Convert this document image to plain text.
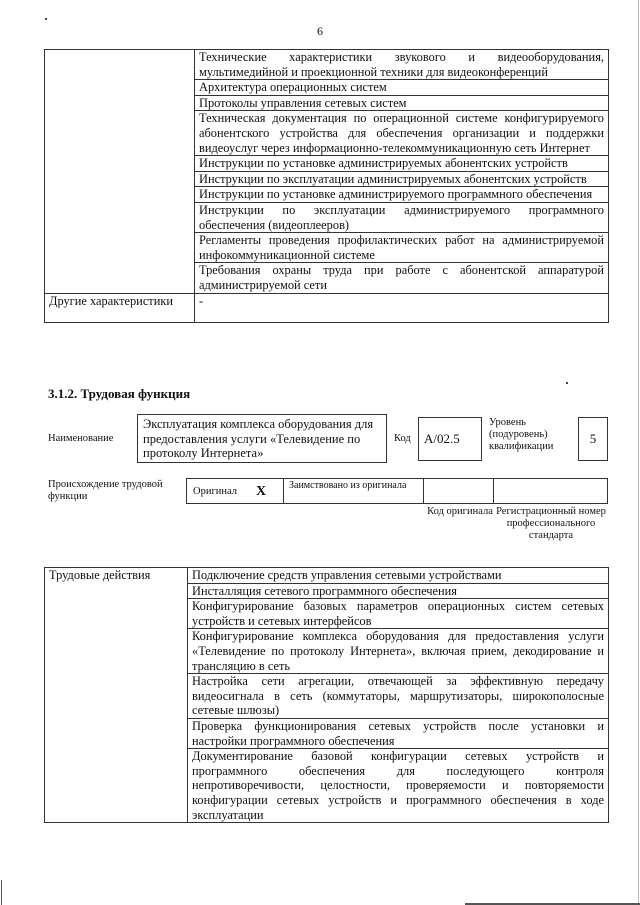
6
	Технические характеристики звукового и видеооборудования, мультимедийной и проекционной техники для видеоконференций
	Архитектура операционных систем
	Протоколы управления сетевых систем
	Техническая документация по операционной системе конфигурируемого абонентского устройства для обеспечения организации и поддержки видеоуслуг через информационно-телекоммуникационную сеть Интернет
	Инструкции по установке администрируемых абонентских устройств
	Инструкции по эксплуатации администрируемых абонентских устройств
	Инструкции по установке администрируемого программного обеспечения
	Инструкции по эксплуатации администрируемого программного обеспечения (видеоплееров)
	Регламенты проведения профилактических работ на администрируемой инфокоммуникационной системе
	Требования охраны труда при работе с абонентской аппаратурой администрируемой сети
Другие характеристики	-
3.1.2. Трудовая функция
Наименование
Эксплуатация комплекса оборудования для предоставления услуги «Телевидение по протоколу Интернета»
Код	А/02.5
Уровень (подуровень) квалификации
5
Происхождение трудовой функции	Оригинал X Заимствовано из оригинала
Код оригинала Регистрационный номер профессионального стандарта
Трудовые действия	Подключение средств управления сетевыми устройствами
Инсталляция сетевого программного обеспечения
Конфигурирование базовых параметров операционных систем сетевых устройств и сетевых интерфейсов
Конфигурирование комплекса оборудования для предоставления услуги «Телевидение по протоколу Интернета», включая прием, декодирование и трансляцию в сеть
Настройка сети агрегации, отвечающей за эффективную передачу видеосигнала в сеть (коммутаторы, маршрутизаторы, широкополосные сетевые шлюзы)
Проверка функционирования сетевых устройств после установки и настройки программного обеспечения
Документирование базовой конфигурации сетевых устройств и программного обеспечения для последующего контроля непротиворечивости, целостности, проверяемости и повторяемости конфигурации сетевых устройств и программного обеспечения в ходе эксплуатации
